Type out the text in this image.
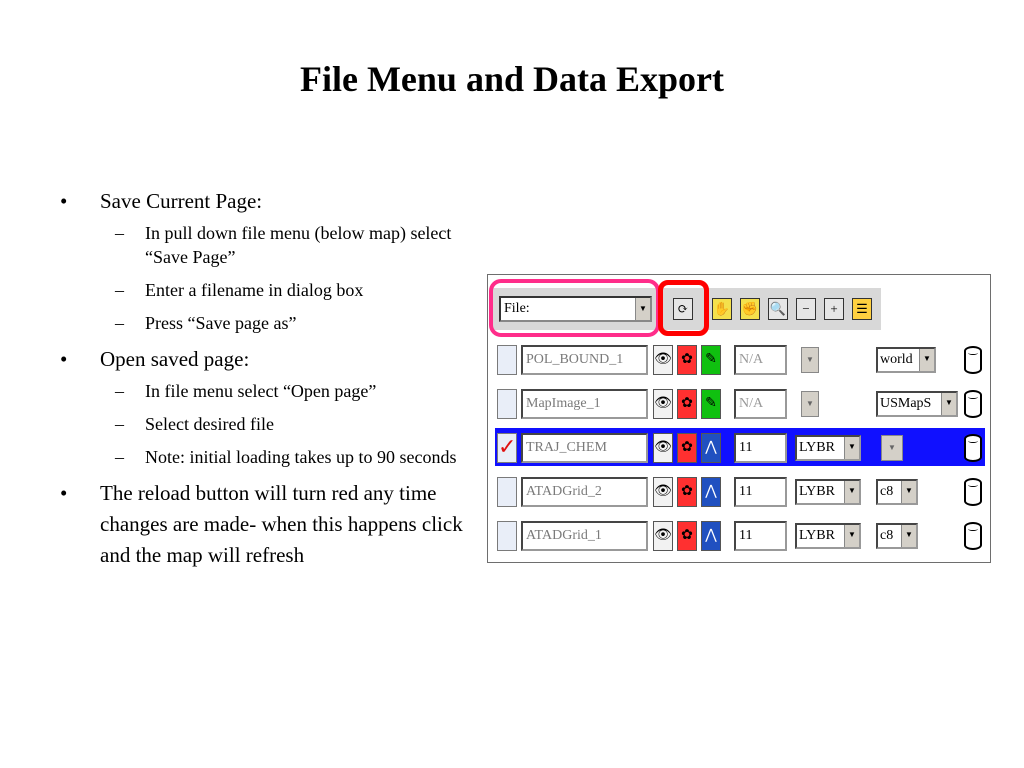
File Menu and Data Export
• Save Current Page:
– In pull down file menu (below map) select “Save Page”
– Enter a filename in dialog box
– Press “Save page as”
• Open saved page:
– In file menu select “Open page”
– Select desired file
– Note: initial loading takes up to 90 seconds
• The reload button will turn red any time changes are made- when this happens click and the map will refresh
File:	▼	⟳	✋ ✊ 🔍	−	+	☰
POL_BOUND_1	👁 ✿ ✎	N/A	▼	world	▼
MapImage_1	👁 ✿ ✎	N/A	▼	USMapS	▼
✓ TRAJ_CHEM	👁 ✿ ⋀	11	LYBR	▼	▼
ATADGrid_2	👁 ✿ ⋀	11	LYBR	▼ c8	▼
ATADGrid_1	👁 ✿ ⋀	11	LYBR	▼ c8	▼
